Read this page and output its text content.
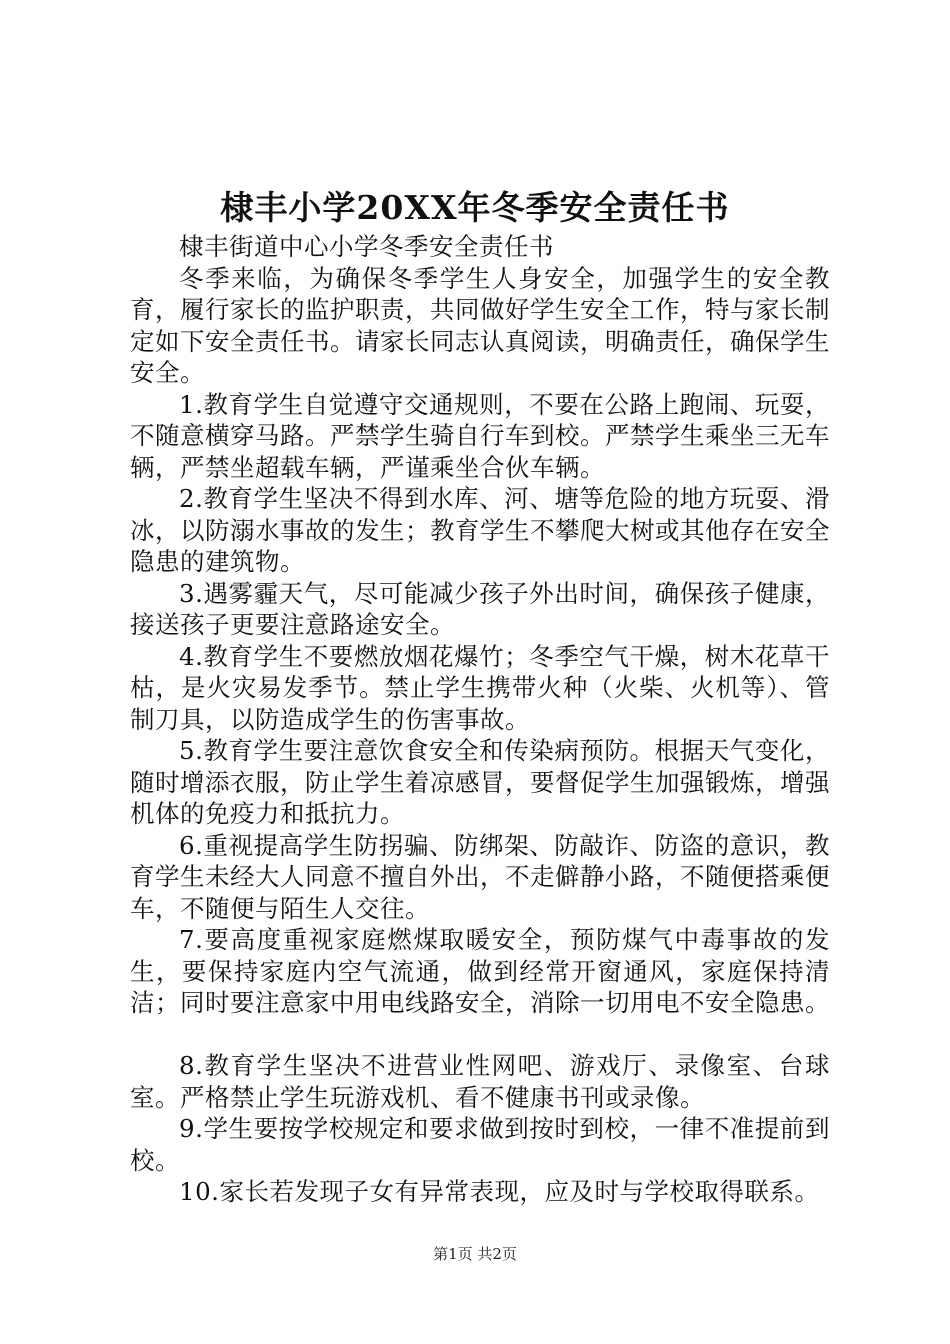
棣丰小学20XX年冬季安全责任书

棣丰街道中心小学冬季安全责任书

冬季来临，为确保冬季学生人身安全，加强学生的安全教育，履行家长的监护职责，共同做好学生安全工作，特与家长制定如下安全责任书。请家长同志认真阅读，明确责任，确保学生安全。

1.教育学生自觉遵守交通规则，不要在公路上跑闹、玩耍，不随意横穿马路。严禁学生骑自行车到校。严禁学生乘坐三无车辆，严禁坐超载车辆，严谨乘坐合伙车辆。

2.教育学生坚决不得到水库、河、塘等危险的地方玩耍、滑冰，以防溺水事故的发生；教育学生不攀爬大树或其他存在安全隐患的建筑物。

3.遇雾霾天气，尽可能减少孩子外出时间，确保孩子健康，接送孩子更要注意路途安全。

4.教育学生不要燃放烟花爆竹；冬季空气干燥，树木花草干枯，是火灾易发季节。禁止学生携带火种（火柴、火机等）、管制刀具，以防造成学生的伤害事故。

5.教育学生要注意饮食安全和传染病预防。根据天气变化，随时增添衣服，防止学生着凉感冒，要督促学生加强锻炼，增强机体的免疫力和抵抗力。

6.重视提高学生防拐骗、防绑架、防敲诈、防盗的意识，教育学生未经大人同意不擅自外出，不走僻静小路，不随便搭乘便车，不随便与陌生人交往。

7.要高度重视家庭燃煤取暖安全，预防煤气中毒事故的发生，要保持家庭内空气流通，做到经常开窗通风，家庭保持清洁；同时要注意家中用电线路安全，消除一切用电不安全隐患。

8.教育学生坚决不进营业性网吧、游戏厅、录像室、台球室。严格禁止学生玩游戏机、看不健康书刊或录像。

9.学生要按学校规定和要求做到按时到校，一律不准提前到校。

10.家长若发现子女有异常表现，应及时与学校取得联系。

第1页 共2页
